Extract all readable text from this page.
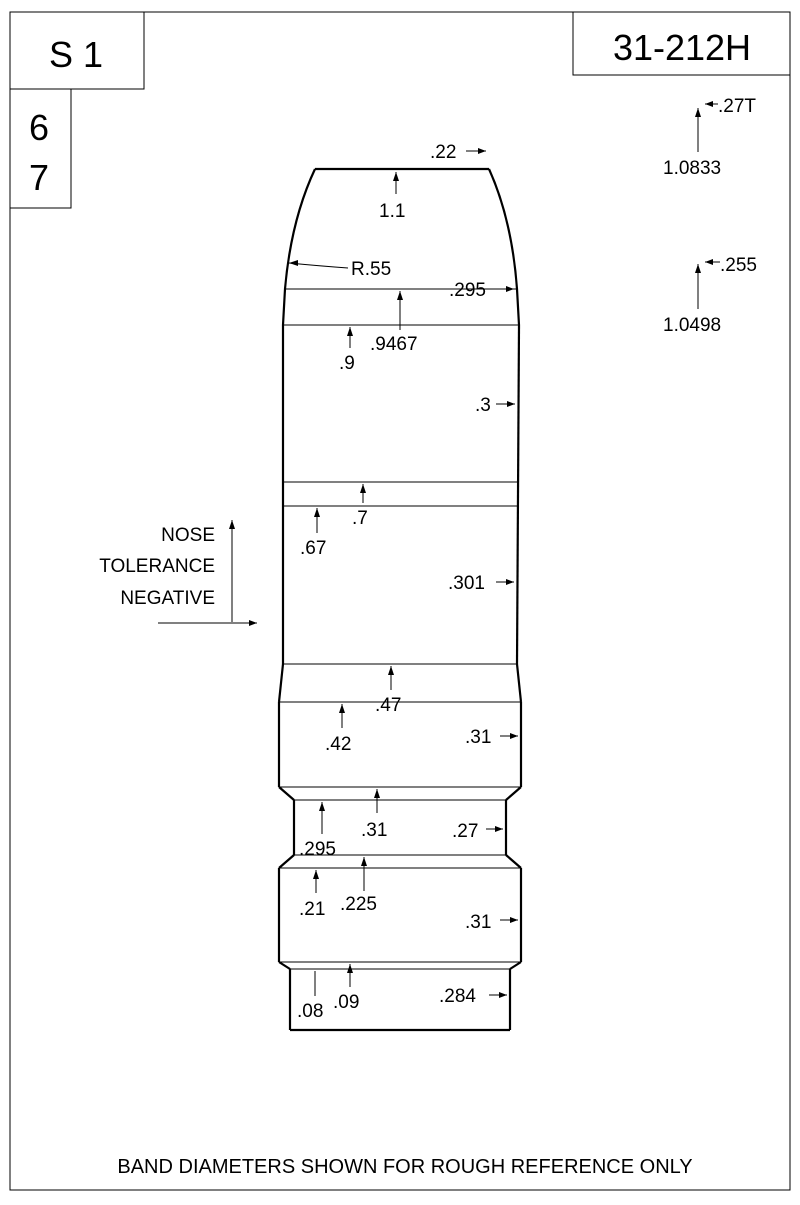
S 1
6
7
31-212H
.22
1.1
R.55
.295
.9467
.9
.3
.7
.67
.301
.47
.42	.31
.31
.295
.27
.225
.21
.31
.09
.08
.284
.27T
1.0833
.255
1.0498
NOSE
TOLERANCE
NEGATIVE
BAND DIAMETERS SHOWN FOR ROUGH REFERENCE ONLY
